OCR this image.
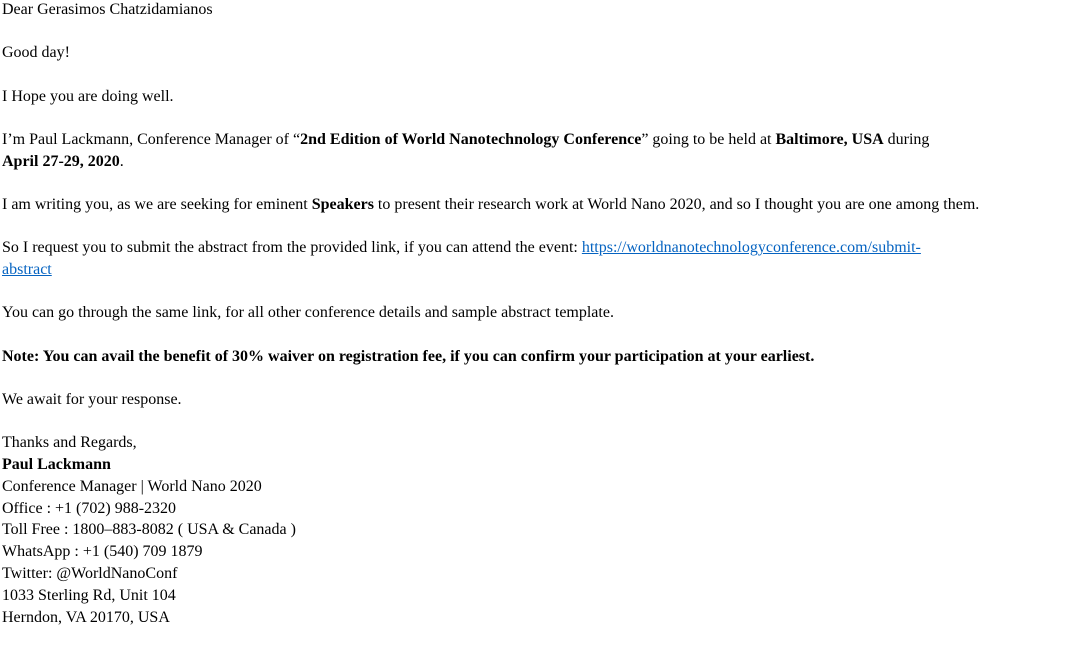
Dear Gerasimos Chatzidamianos

Good day!

I Hope you are doing well.

I’m Paul Lackmann, Conference Manager of “2nd Edition of World Nanotechnology Conference” going to be held at Baltimore, USA during
April 27-29, 2020.

I am writing you, as we are seeking for eminent Speakers to present their research work at World Nano 2020, and so I thought you are one among them.

So I request you to submit the abstract from the provided link, if you can attend the event: https://worldnanotechnologyconference.com/submit-
abstract

You can go through the same link, for all other conference details and sample abstract template.

Note: You can avail the benefit of 30% waiver on registration fee, if you can confirm your participation at your earliest.

We await for your response.

Thanks and Regards,

Paul Lackmann

Conference Manager | World Nano 2020

Office : +1 (702) 988-2320

Toll Free : 1800–883-8082 ( USA & Canada )

WhatsApp : +1 (540) 709 1879

Twitter: @WorldNanoConf

1033 Sterling Rd, Unit 104

Herndon, VA 20170, USA
